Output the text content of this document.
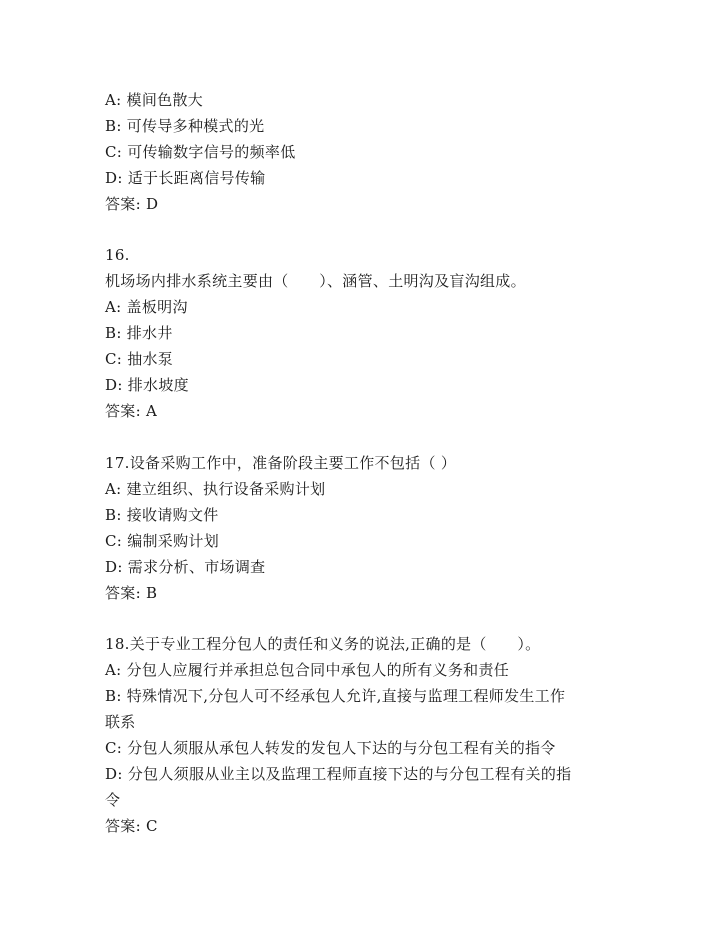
A: 模间色散大
B: 可传导多种模式的光
C: 可传输数字信号的频率低
D: 适于长距离信号传输
答案: D
16.
机场场内排水系统主要由（　　）、涵管、土明沟及盲沟组成。
A: 盖板明沟
B: 排水井
C: 抽水泵
D: 排水坡度
答案: A
17.设备采购工作中，准备阶段主要工作不包括（ ）
A: 建立组织、执行设备采购计划
B: 接收请购文件
C: 编制采购计划
D: 需求分析、市场调查
答案: B
18.关于专业工程分包人的责任和义务的说法,正确的是（　　）。
A: 分包人应履行并承担总包合同中承包人的所有义务和责任
B: 特殊情况下,分包人可不经承包人允许,直接与监理工程师发生工作
联系
C: 分包人须服从承包人转发的发包人下达的与分包工程有关的指令
D: 分包人须服从业主以及监理工程师直接下达的与分包工程有关的指
令
答案: C
